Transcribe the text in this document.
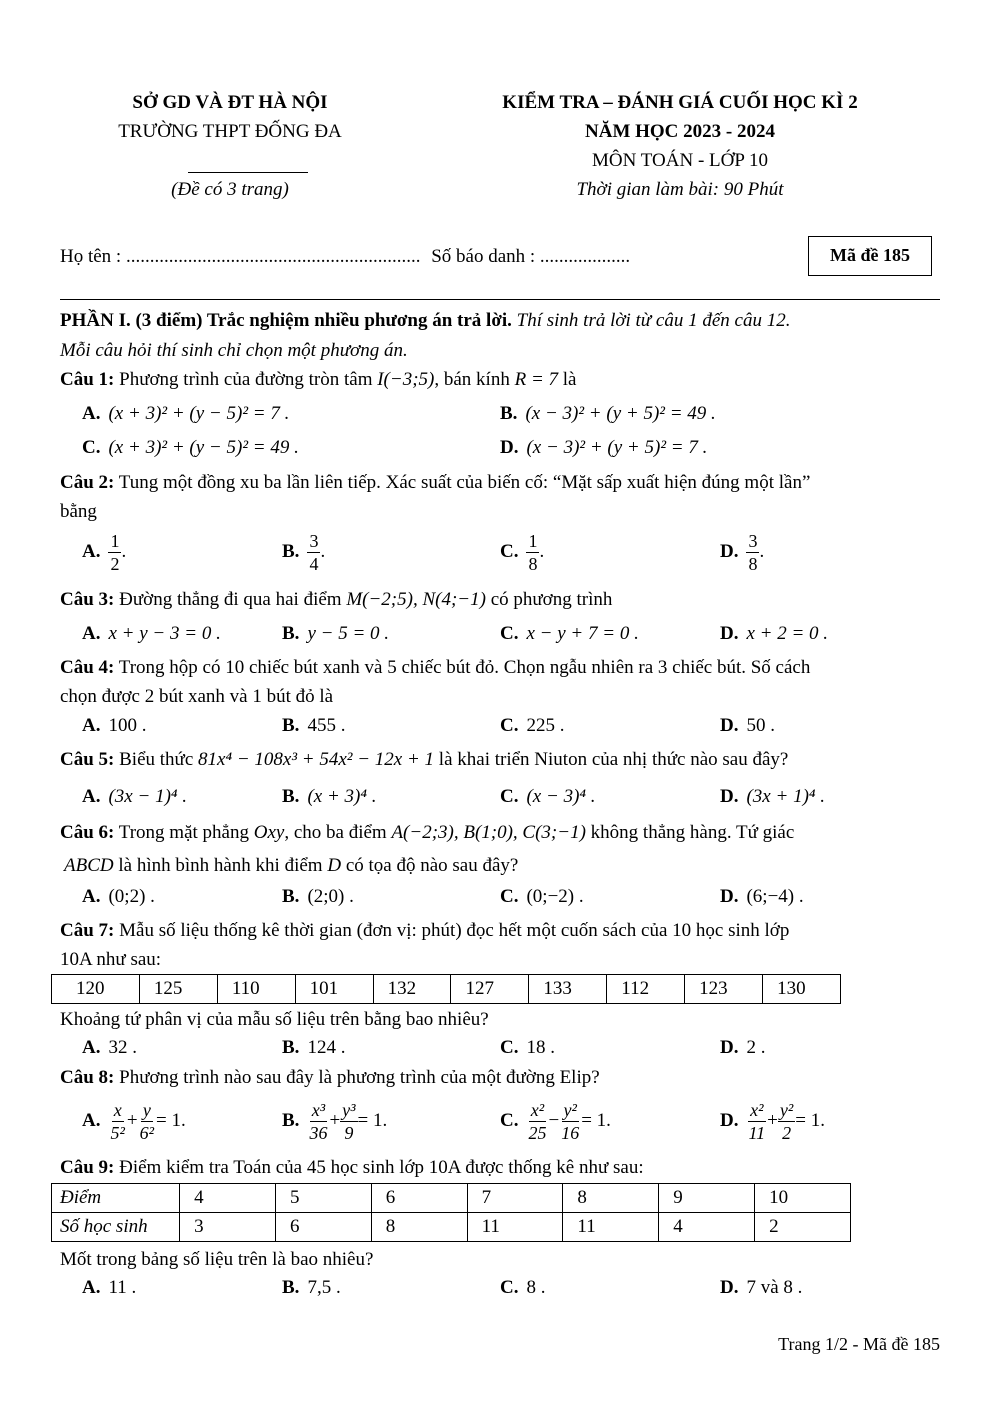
SỞ GD VÀ ĐT HÀ NỘI
TRƯỜNG THPT ĐỐNG ĐA
(Đề có 3 trang)
KIỂM TRA – ĐÁNH GIÁ CUỐI HỌC KÌ 2
NĂM HỌC 2023 - 2024
MÔN TOÁN - LỚP 10
Thời gian làm bài: 90 Phút
Họ tên : .............................................................. Số báo danh : ...................	Mã đề 185
PHẦN I. (3 điểm) Trắc nghiệm nhiều phương án trả lời. Thí sinh trả lời từ câu 1 đến câu 12.
Mỗi câu hỏi thí sinh chỉ chọn một phương án.
Câu 1: Phương trình của đường tròn tâm I(−3;5), bán kính R = 7 là
A. (x + 3)² + (y − 5)² = 7 .	B. (x − 3)² + (y + 5)² = 49 .
C. (x + 3)² + (y − 5)² = 49 .	D. (x − 3)² + (y + 5)² = 7 .
Câu 2: Tung một đồng xu ba lần liên tiếp. Xác suất của biến cố: “Mặt sấp xuất hiện đúng một lần”
bằng
A. $\frac{1}{2}$ .	B. $\frac{3}{4}$ .	C. $\frac{1}{8}$ .	D. $\frac{3}{8}$ .
Câu 3: Đường thẳng đi qua hai điểm M(−2;5), N(4;−1) có phương trình
A. x + y − 3 = 0 .	B. y − 5 = 0 .	C. x − y + 7 = 0 .	D. x + 2 = 0 .
Câu 4: Trong hộp có 10 chiếc bút xanh và 5 chiếc bút đỏ. Chọn ngẫu nhiên ra 3 chiếc bút. Số cách
chọn được 2 bút xanh và 1 bút đỏ là
A. 100 .	B. 455 .	C. 225 .	D. 50 .
Câu 5: Biểu thức 81x⁴ − 108x³ + 54x² − 12x + 1 là khai triển Niuton của nhị thức nào sau đây?
A. (3x − 1)⁴ .	B. (x + 3)⁴ .	C. (x − 3)⁴ .	D. (3x + 1)⁴ .
Câu 6: Trong mặt phẳng Oxy, cho ba điểm A(−2;3), B(1;0), C(3;−1) không thẳng hàng. Tứ giác
ABCD là hình bình hành khi điểm D có tọa độ nào sau đây?
A. (0;2) .	B. (2;0) .	C. (0;−2) .	D. (6;−4) .
Câu 7: Mẫu số liệu thống kê thời gian (đơn vị: phút) đọc hết một cuốn sách của 10 học sinh lớp
10A như sau:
120	125	110	101	132	127	133	112	123	130
Khoảng tứ phân vị của mẫu số liệu trên bằng bao nhiêu?
A. 32 .	B. 124 .	C. 18 .	D. 2 .
Câu 8: Phương trình nào sau đây là phương trình của một đường Elip?
A. $\frac{x}{\text{5²}} + \frac{y}{\text{6²}} = 1$.	B. $\frac{\text{x³}}{36} + \frac{\text{y³}}{9} = 1$.	C. $\frac{\text{x²}}{25} - \frac{\text{y²}}{16} = 1$.	D. $\frac{\text{x²}}{11} + \frac{\text{y²}}{2} = 1$.
Câu 9: Điểm kiểm tra Toán của 45 học sinh lớp 10A được thống kê như sau:
Điểm	4	5	6	7	8	9	10
Số học sinh	3	6	8	11	11	4	2
Mốt trong bảng số liệu trên là bao nhiêu?
A. 11 .	B. 7,5 .	C. 8 .	D. 7 và 8 .
Trang 1/2 - Mã đề 185
